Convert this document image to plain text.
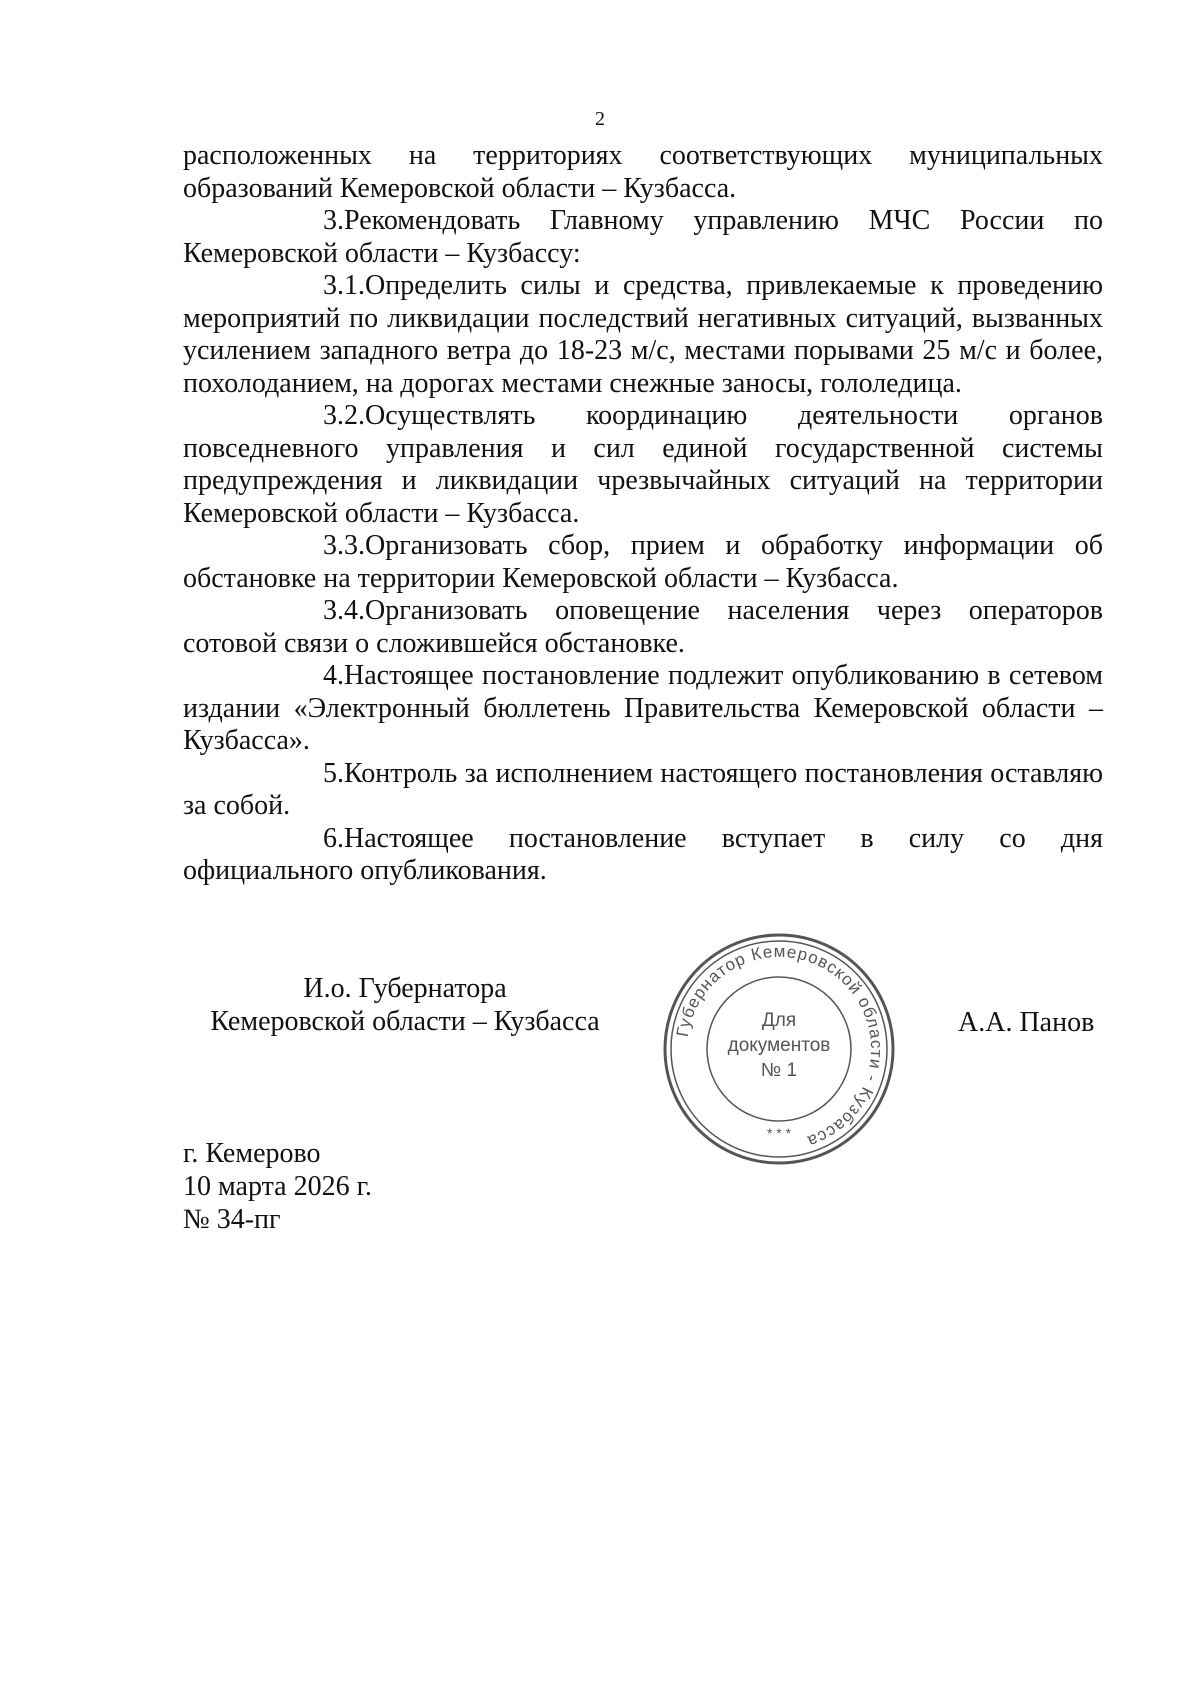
2

расположенных на территориях соответствующих муниципальных образований Кемеровской области – Кузбасса.

3.Рекомендовать Главному управлению МЧС России по Кемеровской области – Кузбассу:

3.1.Определить силы и средства, привлекаемые к проведению мероприятий по ликвидации последствий негативных ситуаций, вызванных усилением западного ветра до 18-23 м/с, местами порывами 25 м/с и более, похолоданием, на дорогах местами снежные заносы, гололедица.

3.2.Осуществлять координацию деятельности органов повседневного управления и сил единой государственной системы предупреждения и ликвидации чрезвычайных ситуаций на территории Кемеровской области – Кузбасса.

3.3.Организовать сбор, прием и обработку информации об обстановке на территории Кемеровской области – Кузбасса.

3.4.Организовать оповещение населения через операторов сотовой связи о сложившейся обстановке.

4.Настоящее постановление подлежит опубликованию в сетевом издании «Электронный бюллетень Правительства Кемеровской области – Кузбасса».

5.Контроль за исполнением настоящего постановления оставляю за собой.

6.Настоящее постановление вступает в силу со дня официального опубликования.

И.о. Губернатора
Кемеровской области – Кузбасса	Губернатор Кемеровской области - Кузбасса
Для
документов
№ 1
* * *
А.А. Панов
г. Кемерово
10 марта 2026 г.
№ 34-пг
